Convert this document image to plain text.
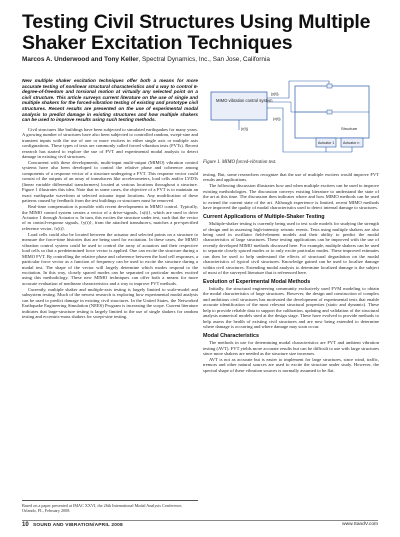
Testing Civil Structures Using Multiple Shaker Excitation Techniques
Marcos A. Underwood and Tony Keller, Spectral Dynamics, Inc., San Jose, California
New multiple shaker excitation techniques offer both a means for more accurate testing of nonlinear structural characteristics and a way to control 6-degree-of-freedom and torsional motion at virtually any selected point on a civil structure. This article surveys current literature on the use of single and multiple shakers for the forced-vibration testing of existing and prototype civil structures. Recent results are presented on the use of experimental modal analysis to predict damage in existing structures and how multiple shakers can be used to improve results using such testing methods.

Civil structures like buildings have been subjected to simulated earthquakes for many years. A growing number of structures have also been subjected to controlled random, swept-sine and transient inputs with the use of one or more exciters in either single axis or multiple axis configurations. These types of tests are commonly called forced vibration tests (FVTs). Recent research has started to explore the use of FVT and experimental modal analysis to detect damage in existing civil structures.

Concurrent with these developments, multi-input multi-output (MIMO) vibration control systems have also been developed to control the relative phase and coherence among components of a response vector of a structure undergoing a FVT. This response vector could consist of the outputs of an array of transducers like accelerometers, load cells and/or LVDTs (linear variable differential transformers) located at various locations throughout a structure. Figure 1 illustrates this idea. Note that in some cases, the objective of a FVT is to maintain an exact earthquake waveform at selected actuator input locations. Any modification of these patterns caused by feedback from the test buildings or structures must be removed.

Real-time compensation is possible with recent developments in MIMO control. Typically, the MIMO control system creates a vector of a drive-signals, {x(t)}, which are used to drive Actuator 1 through Actuator n. In turn, this excites the structure under test, such that the vector of m control-response signals, {y(t)}, from the attached transducers, matches a pre-specified reference vector, {r(t)}.

Load cells could also be located between the actuator and selected points on a structure to measure the force-time histories that are being used for excitation. In these cases, the MIMO vibration control system could be used to control the array of actuators and their respective load cells so that a predetermined force vector is applied. One can excite the structure during a MIMO FVT. By controlling the relative phase and coherence between the load cell responses, a particular force vector as a function of frequency can be used to excite the structure during a modal test. The shape of the vector will largely determine which modes respond to the excitation. In this way, closely spaced modes can be separated or particular modes excited using this methodology. These new MIMO techniques can offer both a means for more accurate evaluation of nonlinear characteristics and a way to improve FVT methods.

Currently, multiple shaker and multiple-axis testing is largely limited to scale-model and subsystem testing. Much of the newest research is exploring how experimental modal analysis can be used to predict damage in existing civil structures. In the United States, the Networked Earthquake Engineering Simulation (NEES) Program is increasing the scope. Current literature indicates that large-structure testing is largely limited to the use of single shakers for random testing and eccentric-mass shakers for swept-sine testing.

Based on a paper presented at IMAC XXVI, the 26th International Modal Analysis Conference, Orlando, FL, February 2008.
MIMO vibration control system
Actuator 1 Actuator n
Structure
{x(t)}
{y(t)}
{r(t)}
Figure 1. MIMO forced-vibration test.

testing. But, some researchers recognize that the use of multiple exciters would improve FVT results and applications.

The following discussion illustrates how and when multiple exciters can be used to improve existing methodologies. The discussion conveys existing literature to understand the state of the art at this time. The discussion then indicates where and how MIMO methods can be used to extend the current state of the art. Although experience is limited, recent MIMO methods have improved the quality of modal characteristics used to detect internal damage to structures.

Current Applications of Multiple-Shaker Testing

Multiple-shaker testing is currently being used to test scale models for studying the strength of design and in assessing high-intensity seismic events. Tests using multiple shakers are also being used in oscillator field-element models and their ability to predict the modal characteristics of large structures. These testing applications can be improved with the use of recently developed MIMO methods discussed here. For example, multiple shakers can be used to separate closely spaced modes or to only excite particular modes. These improved estimates can then be used to help understand the effects of structural degradation on the modal characteristics of typical civil structures. Knowledge gained can be used to localize damage within civil structures. Extending modal analysis to determine localized damage is the subject of most of the surveyed literature that is referenced here.

Evolution of Experimental Modal Methods

Initially, the structural engineering community exclusively used FVM modeling to obtain the modal characteristics of large structures. However, the design and construction of complex and ambitious civil structures has motivated the development of experimental tests that enable accurate identification of the most relevant structural properties (static and dynamic). These help to provide reliable data to support the calibration, updating and validation of the structural analysis numerical models used at the design stage. These have evolved to provide methods to help assess the health of existing civil structures and are now being extended to determine where damage is occurring and where damage may soon occur.

Modal Characteristics

The methods in use for determining modal characteristics are FVT and ambient vibration testing (AVT). FVT yields more accurate results but can be difficult to use with large structures since more shakers are needed as the structure size increases.

AVT is not as accurate but is easier to implement for large structures, since wind, traffic, tremors and other natural sources are used to excite the structure under study. However, the spectral shape of these vibration sources is normally assumed to be flat.

10 SOUND AND VIBRATION/APRIL 2008	www.SandV.com
